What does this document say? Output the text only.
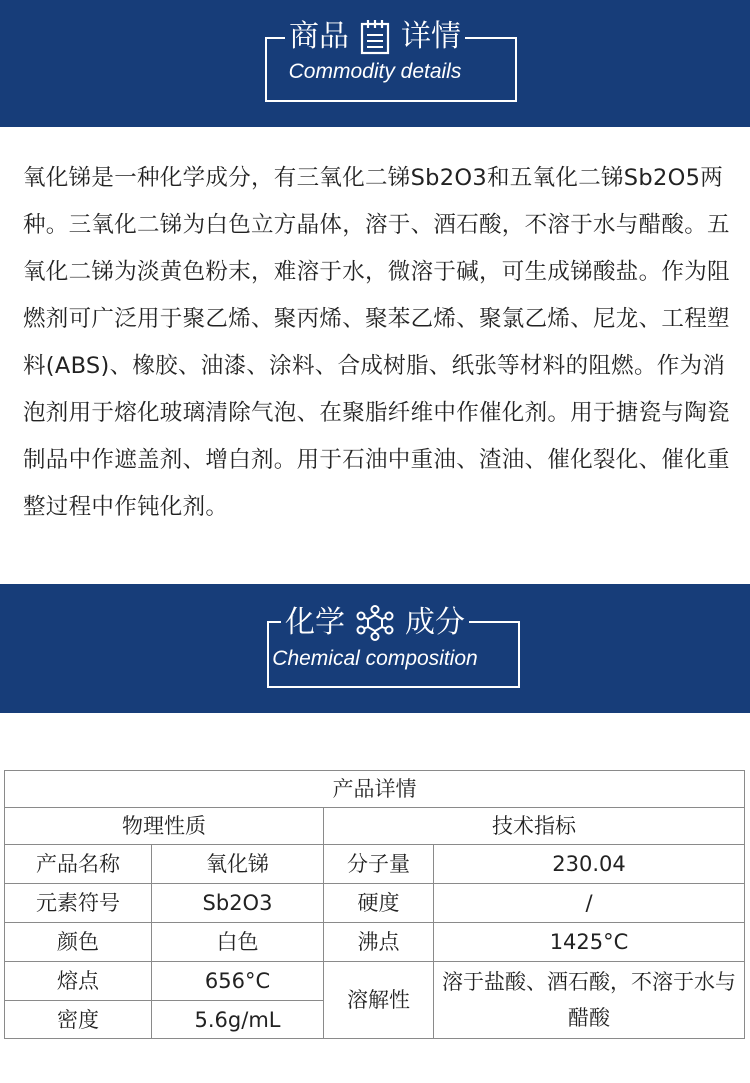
商品 详情
Commodity details

氧化锑是一种化学成分，有三氧化二锑Sb2O3和五氧化二锑Sb2O5两种。三氧化二锑为白色立方晶体，溶于、酒石酸，不溶于水与醋酸。五氧化二锑为淡黄色粉末，难溶于水，微溶于碱，可生成锑酸盐。作为阻燃剂可广泛用于聚乙烯、聚丙烯、聚苯乙烯、聚氯乙烯、尼龙、工程塑料(ABS)、橡胶、油漆、涂料、合成树脂、纸张等材料的阻燃。作为消泡剂用于熔化玻璃清除气泡、在聚脂纤维中作催化剂。用于搪瓷与陶瓷制品中作遮盖剂、增白剂。用于石油中重油、渣油、催化裂化、催化重整过程中作钝化剂。

化学 成分
Chemical composition
产品详情			
物理性质		技术指标	
产品名称	氧化锑	分子量	230.04
元素符号	Sb2O3	硬度	/
颜色	白色	沸点	1425°C
熔点	656°C	溶解性	溶于盐酸、酒石酸，不溶于水与醋酸
密度	5.6g/mL		
